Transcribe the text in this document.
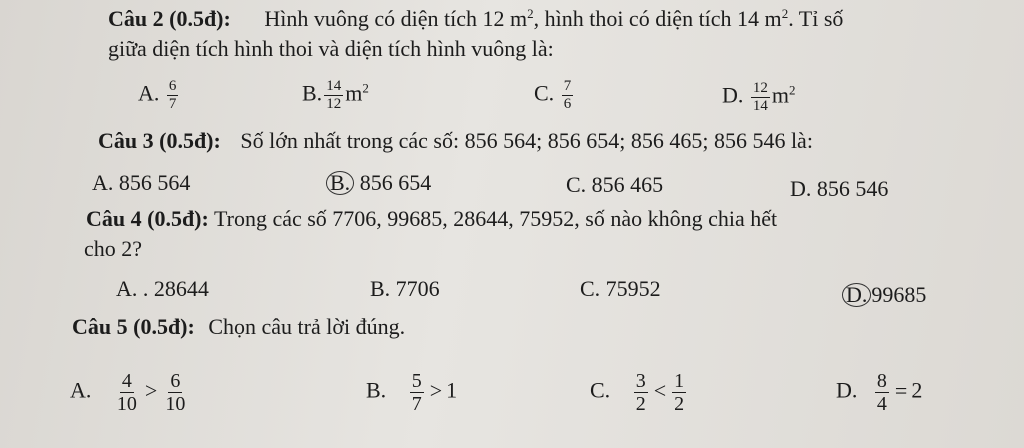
Câu 2 (0.5đ): Hình vuông có diện tích 12 $m^2$, hình thoi có diện tích 14 $m^2$. Tỉ số
giữa diện tích hình thoi và diện tích hình vuông là:
A. $\frac{6}{7}$	B. $\frac{14}{12} m^2$	C. $\frac{7}{6}$	D. $\frac{12}{14} m^2$
Câu 3 (0.5đ): Số lớn nhất trong các số: 856 564; 856 654; 856 465; 856 546 là:
A. 856 564	B. 856 654	C. 856 465	D. 856 546
Câu 4 (0.5đ): Trong các số 7706, 99685, 28644, 75952, số nào không chia hết
cho 2?
A. . 28644	B. 7706	C. 75952	D. 99685
Câu 5 (0.5đ): Chọn câu trả lời đúng.
A. $\frac{4}{10} > \frac{6}{10}$	B. $\frac{5}{7} > 1$	C. $\frac{3}{2} < \frac{1}{2}$	D. $\frac{8}{4} = 2$
